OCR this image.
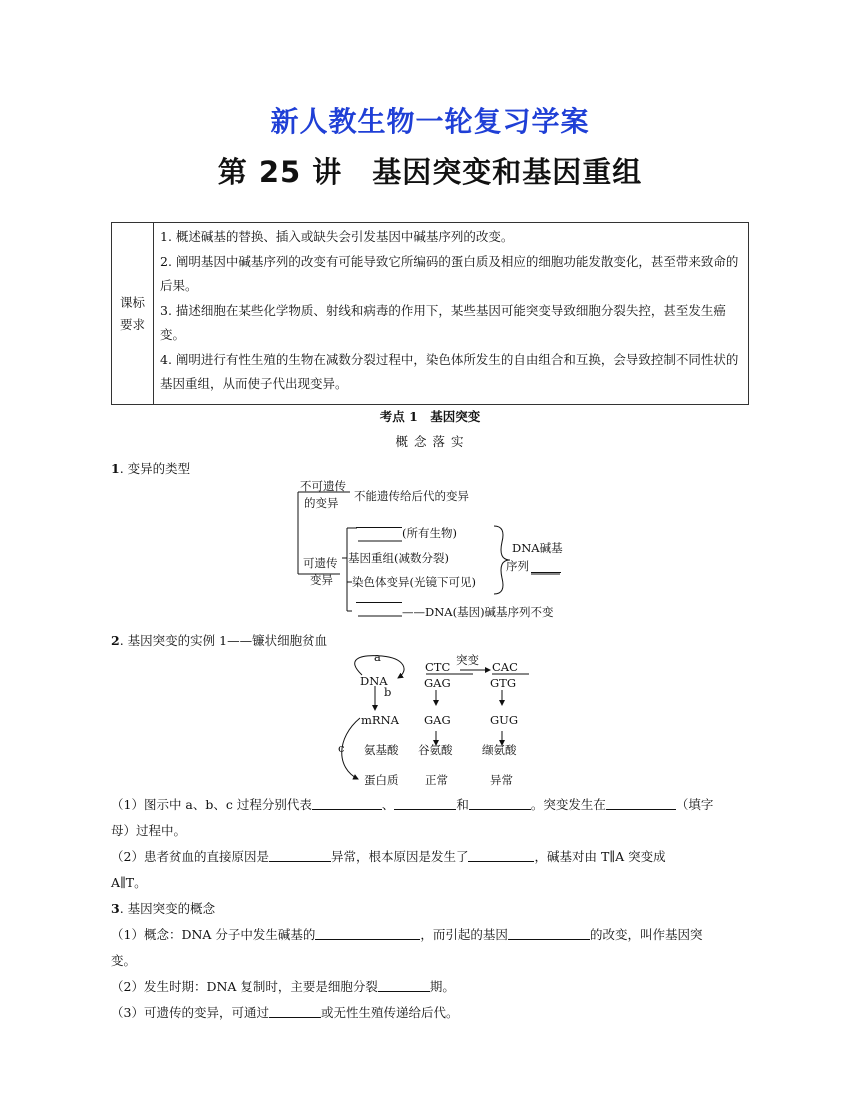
新人教生物一轮复习学案
第 25 讲　基因突变和基因重组
课标要求

1. 概述碱基的替换、插入或缺失会引发基因中碱基序列的改变。

2. 阐明基因中碱基序列的改变有可能导致它所编码的蛋白质及相应的细胞功能发散变化，甚至带来致命的后果。

3. 描述细胞在某些化学物质、射线和病毒的作用下，某些基因可能突变导致细胞分裂失控，甚至发生癌变。

4. 阐明进行有性生殖的生物在减数分裂过程中，染色体所发生的自由组合和互换，会导致控制不同性状的基因重组，从而使子代出现变异。

考点 1　基因突变
概 念 落 实
1. 变异的类型
不可遗传
的变异 不能遗传给后代的变异
可遗传
变异
(所有生物)
基因重组(减数分裂)
染色体变异(光镜下可见)
——DNA(基因)碱基序列不变
DNA碱基
序列
2. 基因突变的实例 1——镰状细胞贫血
a
b
c
DNA
mRNA
氨基酸
蛋白质
CTC 突变 CAC
GAG	GTG
GAG	GUG
谷氨酸	缬氨酸
正常	异常
（1）图示中 a、b、c 过程分别代表	、	和	。突变发生在	（填字
母）过程中。
（2）患者贫血的直接原因是	异常，根本原因是发生了	，碱基对由 T∥A 突变成
A∥T。
3. 基因突变的概念
（1）概念：DNA 分子中发生碱基的	，而引起的基因	的改变，叫作基因突
变。
（2）发生时期：DNA 复制时，主要是细胞分裂	期。
（3）可遗传的变异，可通过	或无性生殖传递给后代。
